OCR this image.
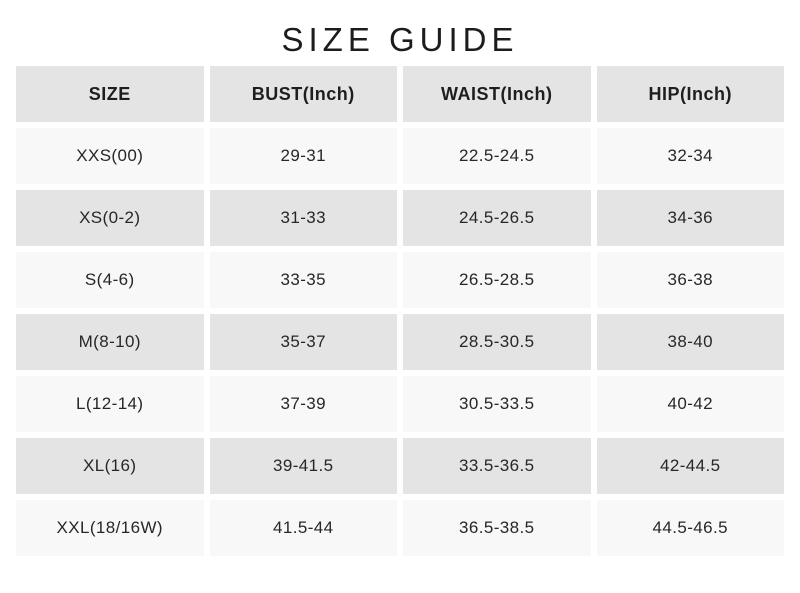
SIZE GUIDE
SIZE	BUST(Inch)	WAIST(Inch)	HIP(Inch)
XXS(00)	29-31	22.5-24.5	32-34
XS(0-2)	31-33	24.5-26.5	34-36
S(4-6)	33-35	26.5-28.5	36-38
M(8-10)	35-37	28.5-30.5	38-40
L(12-14)	37-39	30.5-33.5	40-42
XL(16)	39-41.5	33.5-36.5	42-44.5
XXL(18/16W)	41.5-44	36.5-38.5	44.5-46.5
